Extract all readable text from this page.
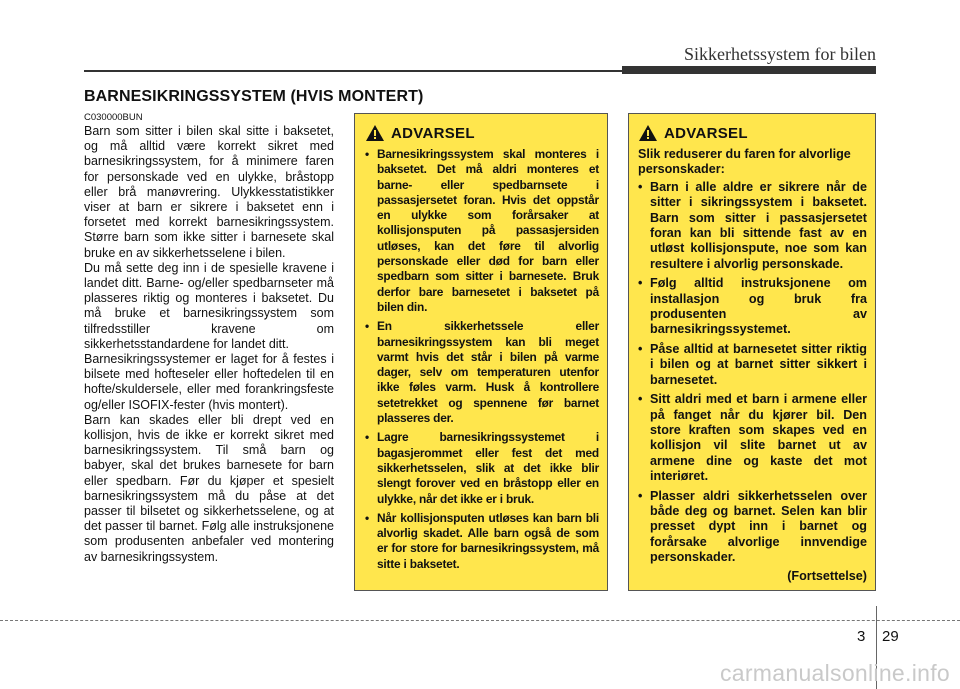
Sikkerhetssystem for bilen
BARNESIKRINGSSYSTEM (HVIS MONTERT)
C030000BUN

Barn som sitter i bilen skal sitte i baksetet, og må alltid være korrekt sikret med barnesikringssystem, for å minimere faren for personskade ved en ulykke, bråstopp eller brå manøvrering. Ulykkesstatistikker viser at barn er sikrere i baksetet enn i forsetet med korrekt barnesikringssystem. Større barn som ikke sitter i barnesete skal bruke en av sikkerhetsselene i bilen.

Du må sette deg inn i de spesielle kravene i landet ditt. Barne- og/eller spedbarnseter må plasseres riktig og monteres i baksetet. Du må bruke et barnesikringssystem som tilfredsstiller kravene om sikkerhetsstandardene for landet ditt.

Barnesikringssystemer er laget for å festes i bilsete med hofteseler eller hoftedelen til en hofte/skuldersele, eller med forankringsfeste og/eller ISOFIX-fester (hvis montert).

Barn kan skades eller bli drept ved en kollisjon, hvis de ikke er korrekt sikret med barnesikringssystem. Til små barn og babyer, skal det brukes barnesete for barn eller spedbarn. Før du kjøper et spesielt barnesikringssystem må du påse at det passer til bilsetet og sikkerhetsselene, og at det passer til barnet. Følg alle instruksjonene som produsenten anbefaler ved montering av barnesikringssystem.

ADVARSEL
• Barnesikringssystem skal monteres i baksetet. Det må aldri monteres et barne- eller spedbarnsete i passasjersetet foran. Hvis det oppstår en ulykke som forårsaker at kollisjonsputen på passasjersiden utløses, kan det føre til alvorlig personskade eller død for barn eller spedbarn som sitter i barnesete. Bruk derfor bare barnesetet i baksetet på bilen din.
• En sikkerhetssele eller barnesikringssystem kan bli meget varmt hvis det står i bilen på varme dager, selv om temperaturen utenfor ikke føles varm. Husk å kontrollere setetrekket og spennene før barnet plasseres der.
• Lagre barnesikringssystemet i bagasjerommet eller fest det med sikkerhetsselen, slik at det ikke blir slengt forover ved en bråstopp eller en ulykke, når det ikke er i bruk.
• Når kollisjonsputen utløses kan barn bli alvorlig skadet. Alle barn også de som er for store for barnesikringssystem, må sitte i baksetet.
ADVARSEL

Slik reduserer du faren for alvorlige personskader:

• Barn i alle aldre er sikrere når de sitter i sikringssystem i baksetet. Barn som sitter i passasjersetet foran kan bli sittende fast av en utløst kollisjonspute, noe som kan resultere i alvorlig personskade.
• Følg alltid instruksjonene om installasjon og bruk fra produsenten av barnesikringssystemet.
• Påse alltid at barnesetet sitter riktig i bilen og at barnet sitter sikkert i barnesetet.
• Sitt aldri med et barn i armene eller på fanget når du kjører bil. Den store kraften som skapes ved en kollisjon vil slite barnet ut av armene dine og kaste det mot interiøret.
• Plasser aldri sikkerhetsselen over både deg og barnet. Selen kan blir presset dypt inn i barnet og forårsake alvorlige innvendige personskader.
(Fortsettelse)
3 29
carmanualsonline.info
